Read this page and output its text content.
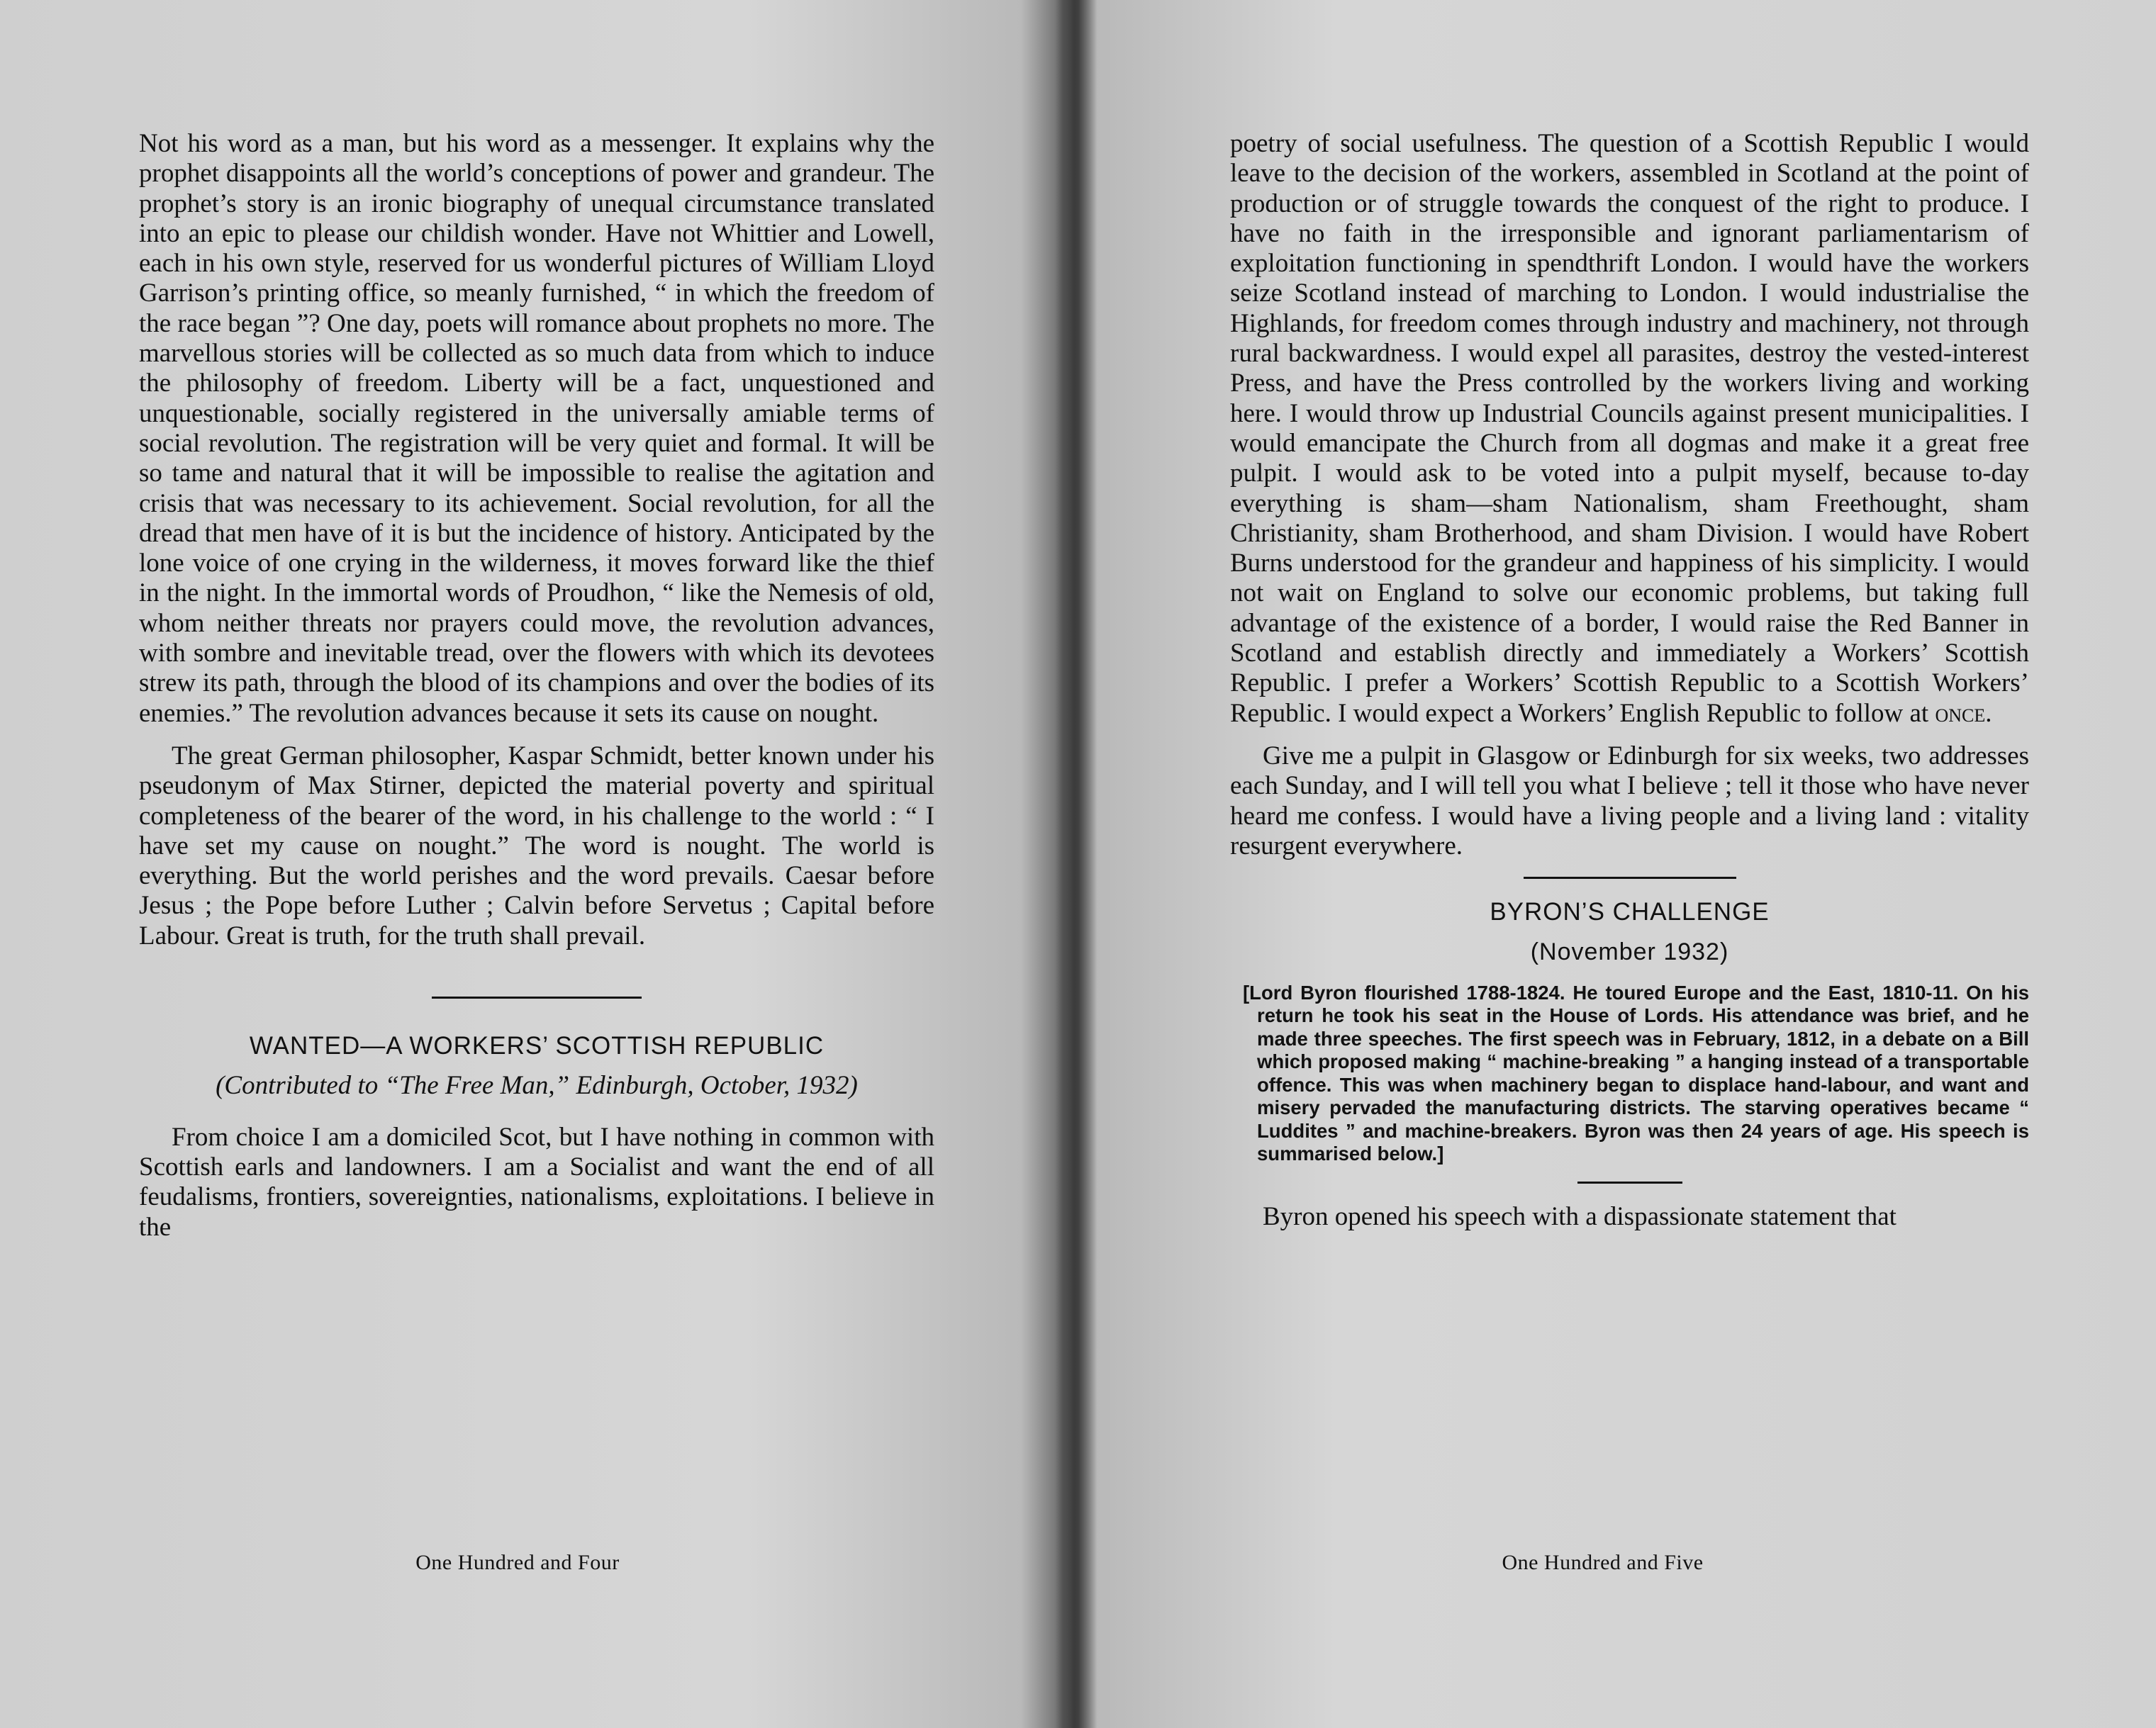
Not his word as a man, but his word as a messenger. It explains why the prophet disappoints all the world’s conceptions of power and grandeur. The prophet’s story is an ironic biography of unequal circumstance translated into an epic to please our childish wonder. Have not Whittier and Lowell, each in his own style, reserved for us wonderful pictures of William Lloyd Garrison’s printing office, so meanly furnished, “ in which the freedom of the race began ”? One day, poets will romance about prophets no more. The marvellous stories will be collected as so much data from which to induce the philosophy of freedom. Liberty will be a fact, unquestioned and unquestionable, socially registered in the universally amiable terms of social revolution. The registration will be very quiet and formal. It will be so tame and natural that it will be impossible to realise the agitation and crisis that was necessary to its achievement. Social revolution, for all the dread that men have of it is but the incidence of history. Anticipated by the lone voice of one crying in the wilderness, it moves forward like the thief in the night. In the immortal words of Proudhon, “ like the Nemesis of old, whom neither threats nor prayers could move, the revolution advances, with sombre and inevitable tread, over the flowers with which its devotees strew its path, through the blood of its champions and over the bodies of its enemies.” The revolution advances because it sets its cause on nought.

The great German philosopher, Kaspar Schmidt, better known under his pseudonym of Max Stirner, depicted the material poverty and spiritual completeness of the bearer of the word, in his challenge to the world : “ I have set my cause on nought.” The word is nought. The world is everything. But the world perishes and the word prevails. Caesar before Jesus ; the Pope before Luther ; Calvin before Servetus ; Capital before Labour. Great is truth, for the truth shall prevail.

WANTED—A WORKERS’ SCOTTISH REPUBLIC

(Contributed to “The Free Man,” Edinburgh, October, 1932)

From choice I am a domiciled Scot, but I have nothing in common with Scottish earls and landowners. I am a Socialist and want the end of all feudalisms, frontiers, sovereignties, nationalisms, exploitations. I believe in the

One Hundred and Four

poetry of social usefulness. The question of a Scottish Republic I would leave to the decision of the workers, assembled in Scotland at the point of production or of struggle towards the conquest of the right to produce. I have no faith in the irresponsible and ignorant parliamentarism of exploitation functioning in spendthrift London. I would have the workers seize Scotland instead of marching to London. I would industrialise the Highlands, for freedom comes through industry and machinery, not through rural backwardness. I would expel all parasites, destroy the vested-interest Press, and have the Press controlled by the workers living and working here. I would throw up Industrial Councils against present municipalities. I would emancipate the Church from all dogmas and make it a great free pulpit. I would ask to be voted into a pulpit myself, because to-day everything is sham—sham Nationalism, sham Freethought, sham Christianity, sham Brotherhood, and sham Division. I would have Robert Burns understood for the grandeur and happiness of his simplicity. I would not wait on England to solve our economic problems, but taking full advantage of the existence of a border, I would raise the Red Banner in Scotland and establish directly and immediately a Workers’ Scottish Republic. I prefer a Workers’ Scottish Republic to a Scottish Workers’ Republic. I would expect a Workers’ English Republic to follow at once.

Give me a pulpit in Glasgow or Edinburgh for six weeks, two addresses each Sunday, and I will tell you what I believe ; tell it those who have never heard me confess. I would have a living people and a living land : vitality resurgent everywhere.

BYRON’S CHALLENGE

(November 1932)

[Lord Byron flourished 1788-1824. He toured Europe and the East, 1810-11. On his return he took his seat in the House of Lords. His attendance was brief, and he made three speeches. The first speech was in February, 1812, in a debate on a Bill which proposed making “ machine-breaking ” a hanging instead of a transportable offence. This was when machinery began to displace hand-labour, and want and misery pervaded the manufacturing districts. The starving operatives became “ Luddites ” and machine-breakers. Byron was then 24 years of age. His speech is summarised below.]

Byron opened his speech with a dispassionate statement that

One Hundred and Five
